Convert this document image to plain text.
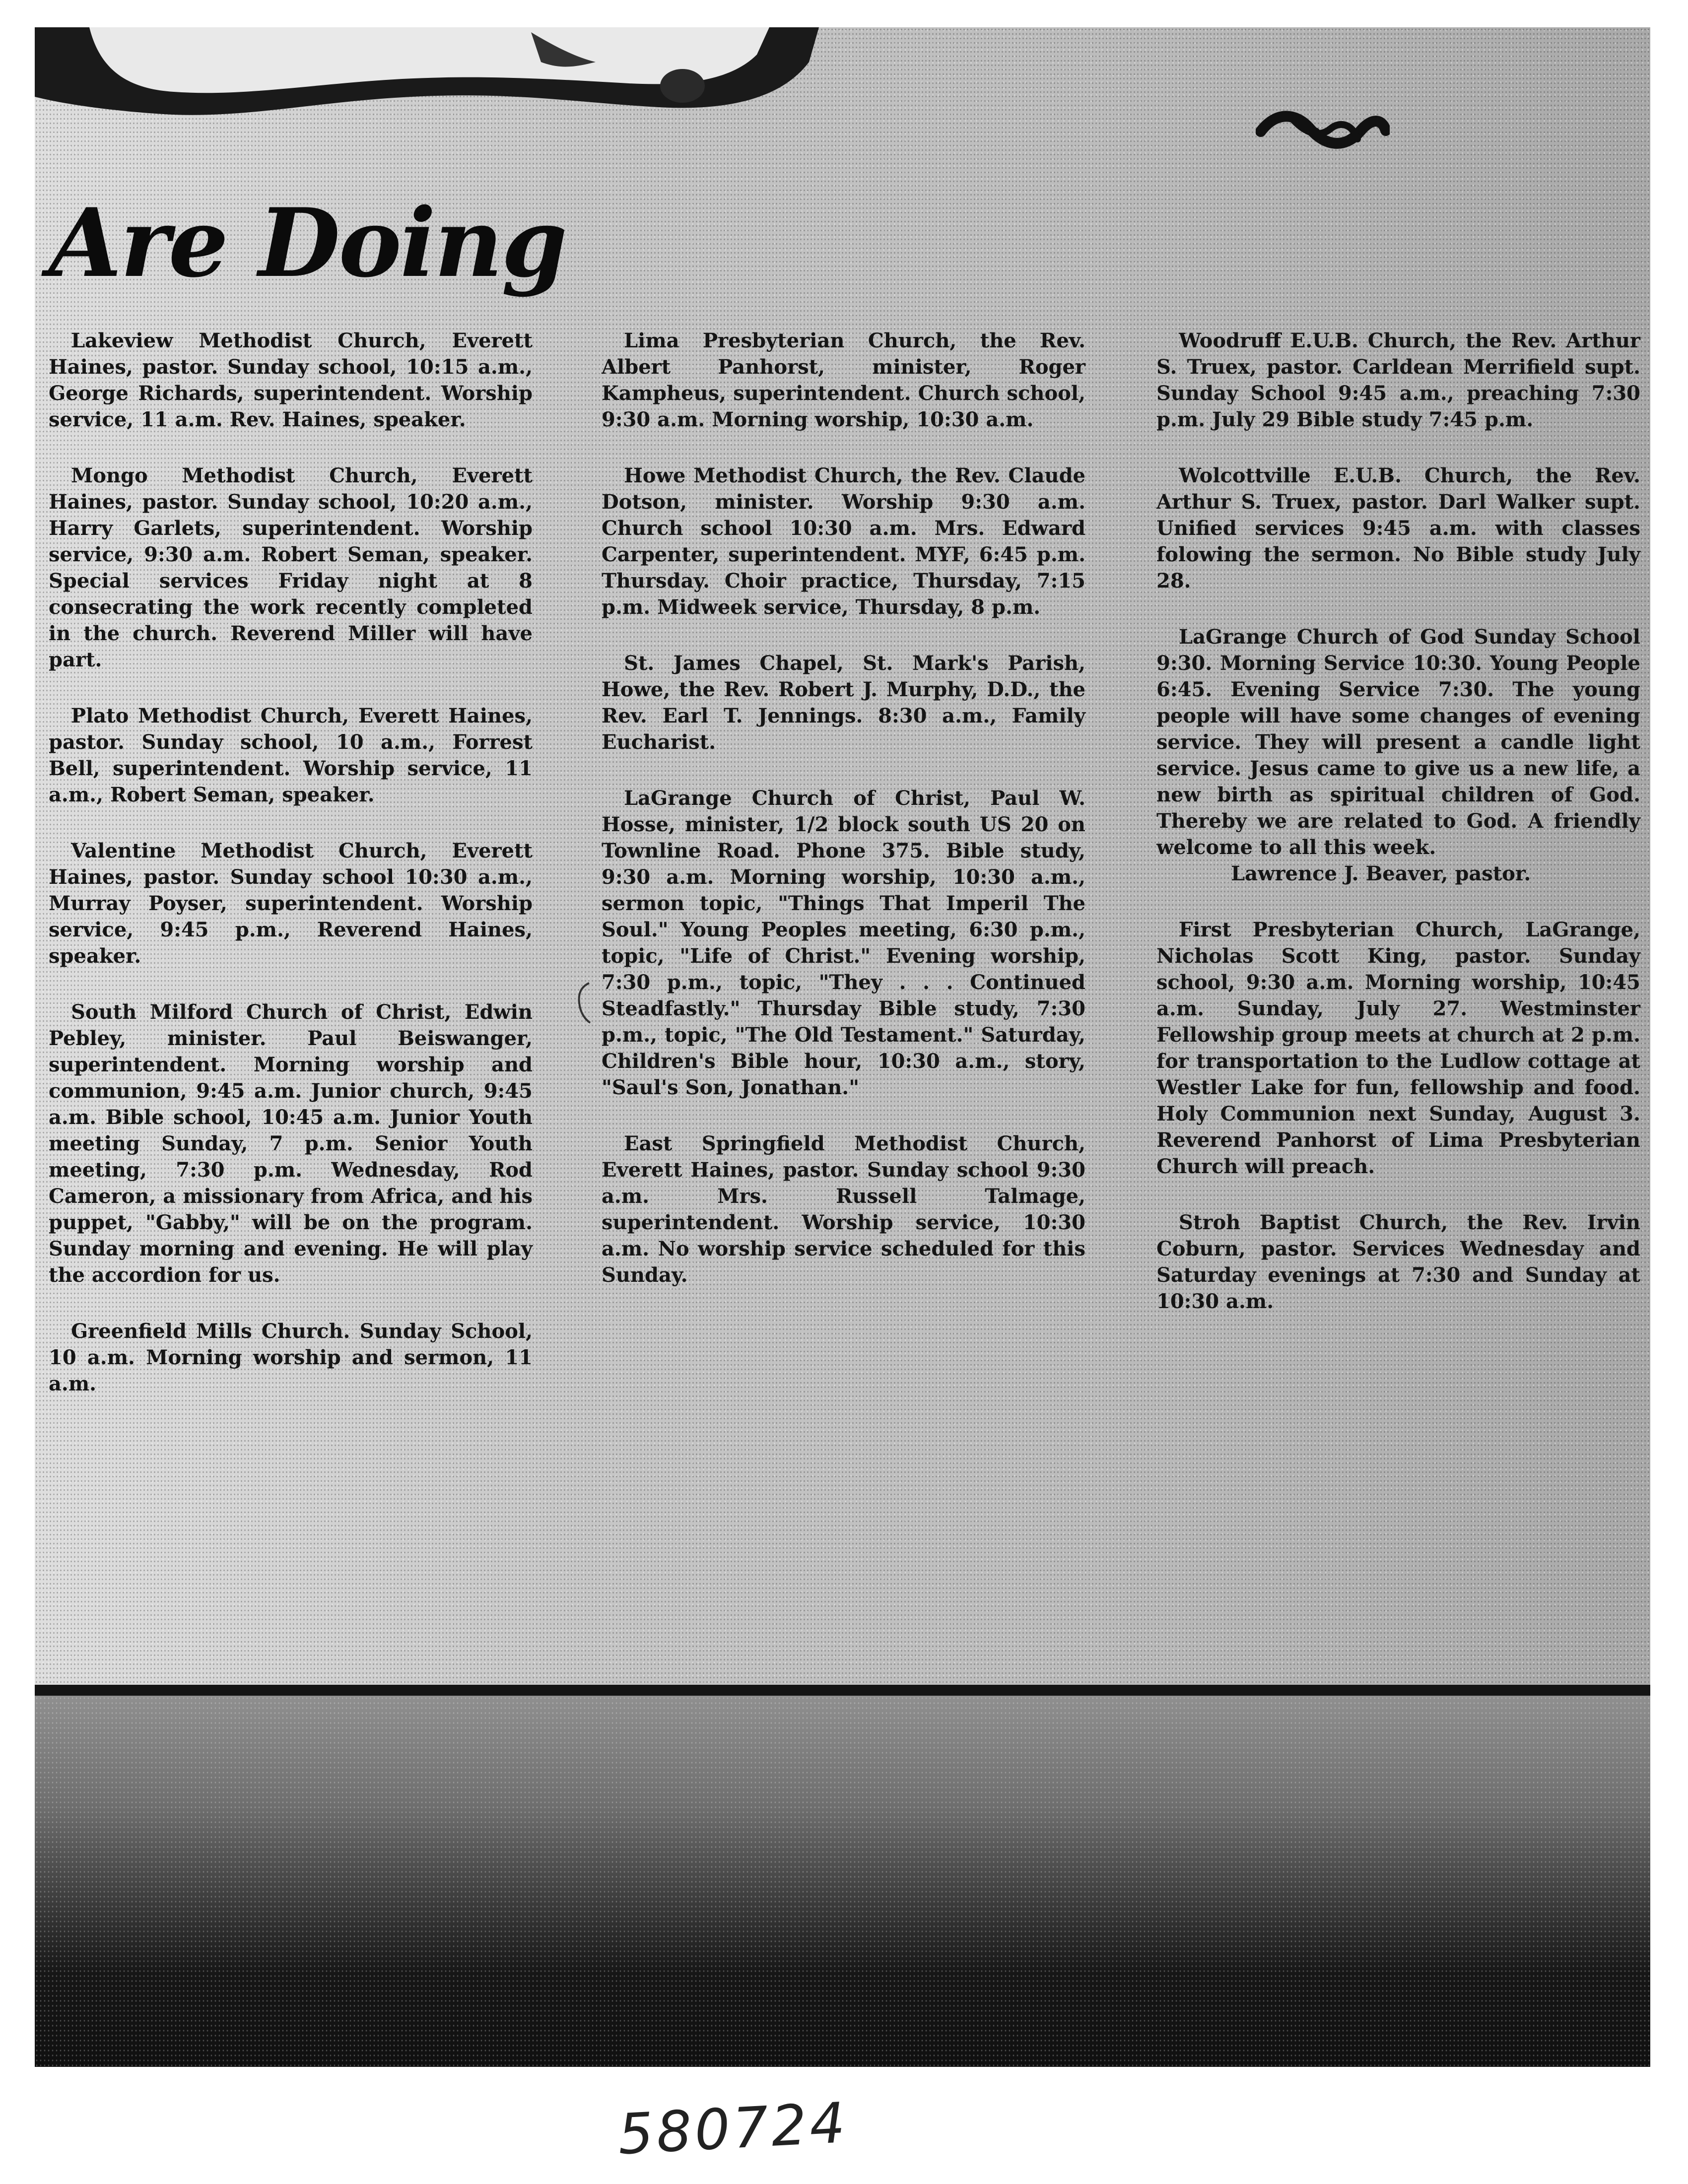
Are Doing

Lakeview Methodist Church, Everett Haines, pastor. Sunday school, 10:15 a.m., George Richards, superintendent. Worship service, 11 a.m. Rev. Haines, speaker.

Mongo Methodist Church, Everett Haines, pastor. Sunday school, 10:20 a.m., Harry Garlets, superintendent. Worship service, 9:30 a.m. Robert Seman, speaker. Special services Friday night at 8 consecrating the work recently completed in the church. Reverend Miller will have part.

Plato Methodist Church, Everett Haines, pastor. Sunday school, 10 a.m., Forrest Bell, superintendent. Worship service, 11 a.m., Robert Seman, speaker.

Valentine Methodist Church, Everett Haines, pastor. Sunday school 10:30 a.m., Murray Poyser, superintendent. Worship service, 9:45 p.m., Reverend Haines, speaker.

South Milford Church of Christ, Edwin Pebley, minister. Paul Beiswanger, superintendent. Morning worship and communion, 9:45 a.m. Junior church, 9:45 a.m. Bible school, 10:45 a.m. Junior Youth meeting Sunday, 7 p.m. Senior Youth meeting, 7:30 p.m. Wednesday, Rod Cameron, a missionary from Africa, and his puppet, "Gabby," will be on the program. Sunday morning and evening. He will play the accordion for us.

Greenfield Mills Church. Sunday School, 10 a.m. Morning worship and sermon, 11 a.m.

Lima Presbyterian Church, the Rev. Albert Panhorst, minister, Roger Kampheus, superintendent. Church school, 9:30 a.m. Morning worship, 10:30 a.m.

Howe Methodist Church, the Rev. Claude Dotson, minister. Worship 9:30 a.m. Church school 10:30 a.m. Mrs. Edward Carpenter, superintendent. MYF, 6:45 p.m. Thursday. Choir practice, Thursday, 7:15 p.m. Midweek service, Thursday, 8 p.m.

St. James Chapel, St. Mark's Parish, Howe, the Rev. Robert J. Murphy, D.D., the Rev. Earl T. Jennings. 8:30 a.m., Family Eucharist.

LaGrange Church of Christ, Paul W. Hosse, minister, 1/2 block south US 20 on Townline Road. Phone 375. Bible study, 9:30 a.m. Morning worship, 10:30 a.m., sermon topic, "Things That Imperil The Soul." Young Peoples meeting, 6:30 p.m., topic, "Life of Christ." Evening worship, 7:30 p.m., topic, "They . . . Continued Steadfastly." Thursday Bible study, 7:30 p.m., topic, "The Old Testament." Saturday, Children's Bible hour, 10:30 a.m., story, "Saul's Son, Jonathan."

East Springfield Methodist Church, Everett Haines, pastor. Sunday school 9:30 a.m. Mrs. Russell Talmage, superintendent. Worship service, 10:30 a.m. No worship service scheduled for this Sunday.

Woodruff E.U.B. Church, the Rev. Arthur S. Truex, pastor. Carldean Merrifield supt. Sunday School 9:45 a.m., preaching 7:30 p.m. July 29 Bible study 7:45 p.m.

Wolcottville E.U.B. Church, the Rev. Arthur S. Truex, pastor. Darl Walker supt. Unified services 9:45 a.m. with classes folowing the sermon. No Bible study July 28.

LaGrange Church of God Sunday School 9:30. Morning Service 10:30. Young People 6:45. Evening Service 7:30. The young people will have some changes of evening service. They will present a candle light service. Jesus came to give us a new life, a new birth as spiritual children of God. Thereby we are related to God. A friendly welcome to all this week.

Lawrence J. Beaver, pastor.

First Presbyterian Church, LaGrange, Nicholas Scott King, pastor. Sunday school, 9:30 a.m. Morning worship, 10:45 a.m. Sunday, July 27. Westminster Fellowship group meets at church at 2 p.m. for transportation to the Ludlow cottage at Westler Lake for fun, fellowship and food. Holy Communion next Sunday, August 3. Reverend Panhorst of Lima Presbyterian Church will preach.

Stroh Baptist Church, the Rev. Irvin Coburn, pastor. Services Wednesday and Saturday evenings at 7:30 and Sunday at 10:30 a.m.

580724
